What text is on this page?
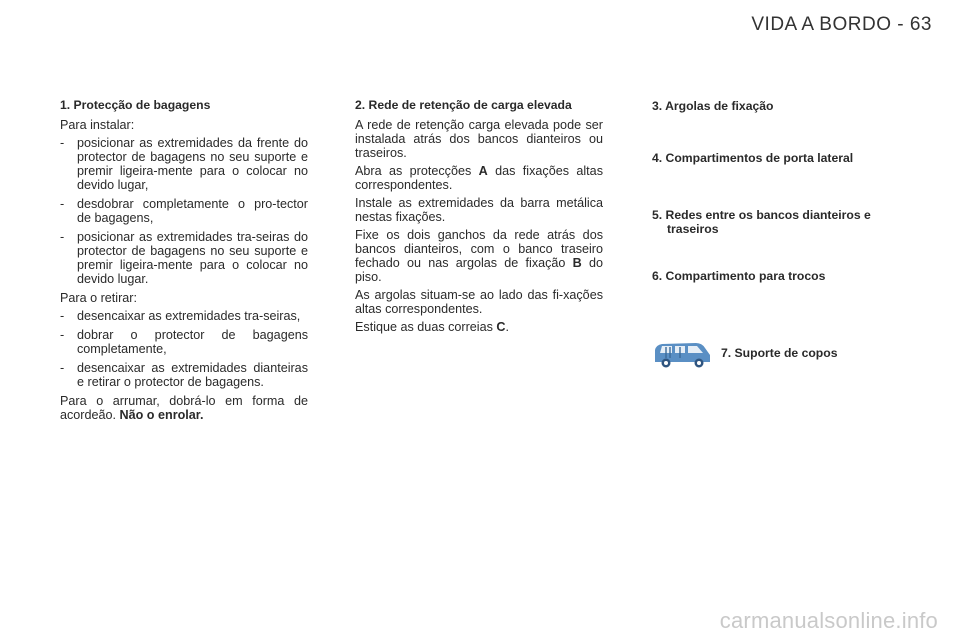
VIDA A BORDO - 63
1. Protecção de bagagens

Para instalar:

- posicionar as extremidades da frente do protector de bagagens no seu suporte e premir ligeira-mente para o colocar no devido lugar,
- desdobrar completamente o pro-tector de bagagens,
- posicionar as extremidades tra-seiras do protector de bagagens no seu suporte e premir ligeira-mente para o colocar no devido lugar.

Para o retirar:

- desencaixar as extremidades tra-seiras,
- dobrar o protector de bagagens completamente,
- desencaixar as extremidades dianteiras e retirar o protector de bagagens.

Para o arrumar, dobrá-lo em forma de acordeão. Não o enrolar.

2. Rede de retenção de carga elevada

A rede de retenção carga elevada pode ser instalada atrás dos bancos dianteiros ou traseiros.

Abra as protecções A das fixações altas correspondentes.

Instale as extremidades da barra metálica nestas fixações.

Fixe os dois ganchos da rede atrás dos bancos dianteiros, com o banco traseiro fechado ou nas argolas de fixação B do piso.

As argolas situam-se ao lado das fi-xações altas correspondentes.

Estique as duas correias C.

3. Argolas de fixação
4. Compartimentos de porta lateral
5. Redes entre os bancos dianteiros e traseiros
6. Compartimento para trocos
7. Suporte de copos
carmanualsonline.info
